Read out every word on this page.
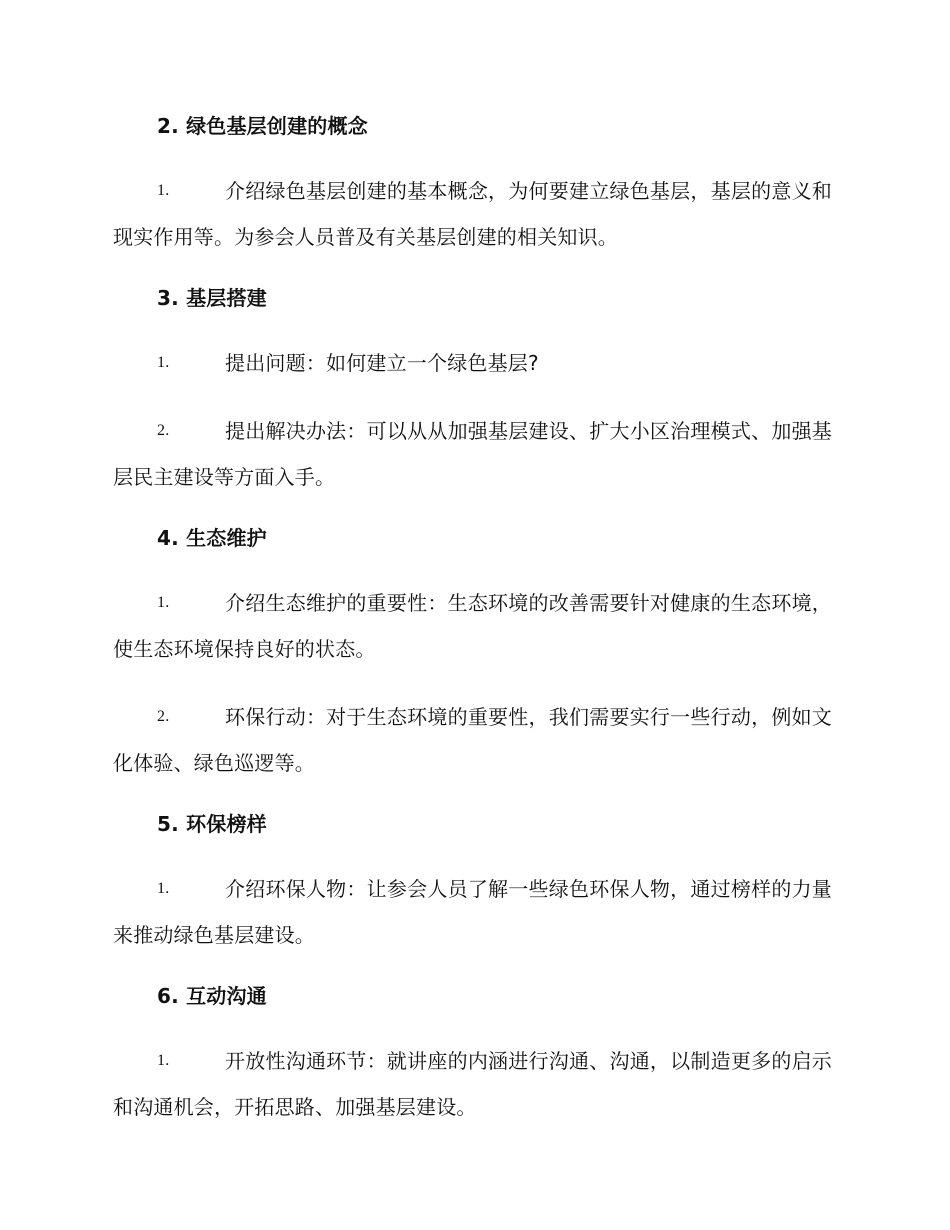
2. 绿色基层创建的概念

1.	介绍绿色基层创建的基本概念，为何要建立绿色基层，基层的意义和现实作用等。为参会人员普及有关基层创建的相关知识。

3. 基层搭建

1.	提出问题：如何建立一个绿色基层?

2.	提出解决办法：可以从从加强基层建设、扩大小区治理模式、加强基层民主建设等方面入手。

4. 生态维护

1.	介绍生态维护的重要性：生态环境的改善需要针对健康的生态环境，使生态环境保持良好的状态。

2.	环保行动：对于生态环境的重要性，我们需要实行一些行动，例如文化体验、绿色巡逻等。

5. 环保榜样

1.	介绍环保人物：让参会人员了解一些绿色环保人物，通过榜样的力量来推动绿色基层建设。

6. 互动沟通

1.	开放性沟通环节：就讲座的内涵进行沟通、沟通，以制造更多的启示和沟通机会，开拓思路、加强基层建设。
